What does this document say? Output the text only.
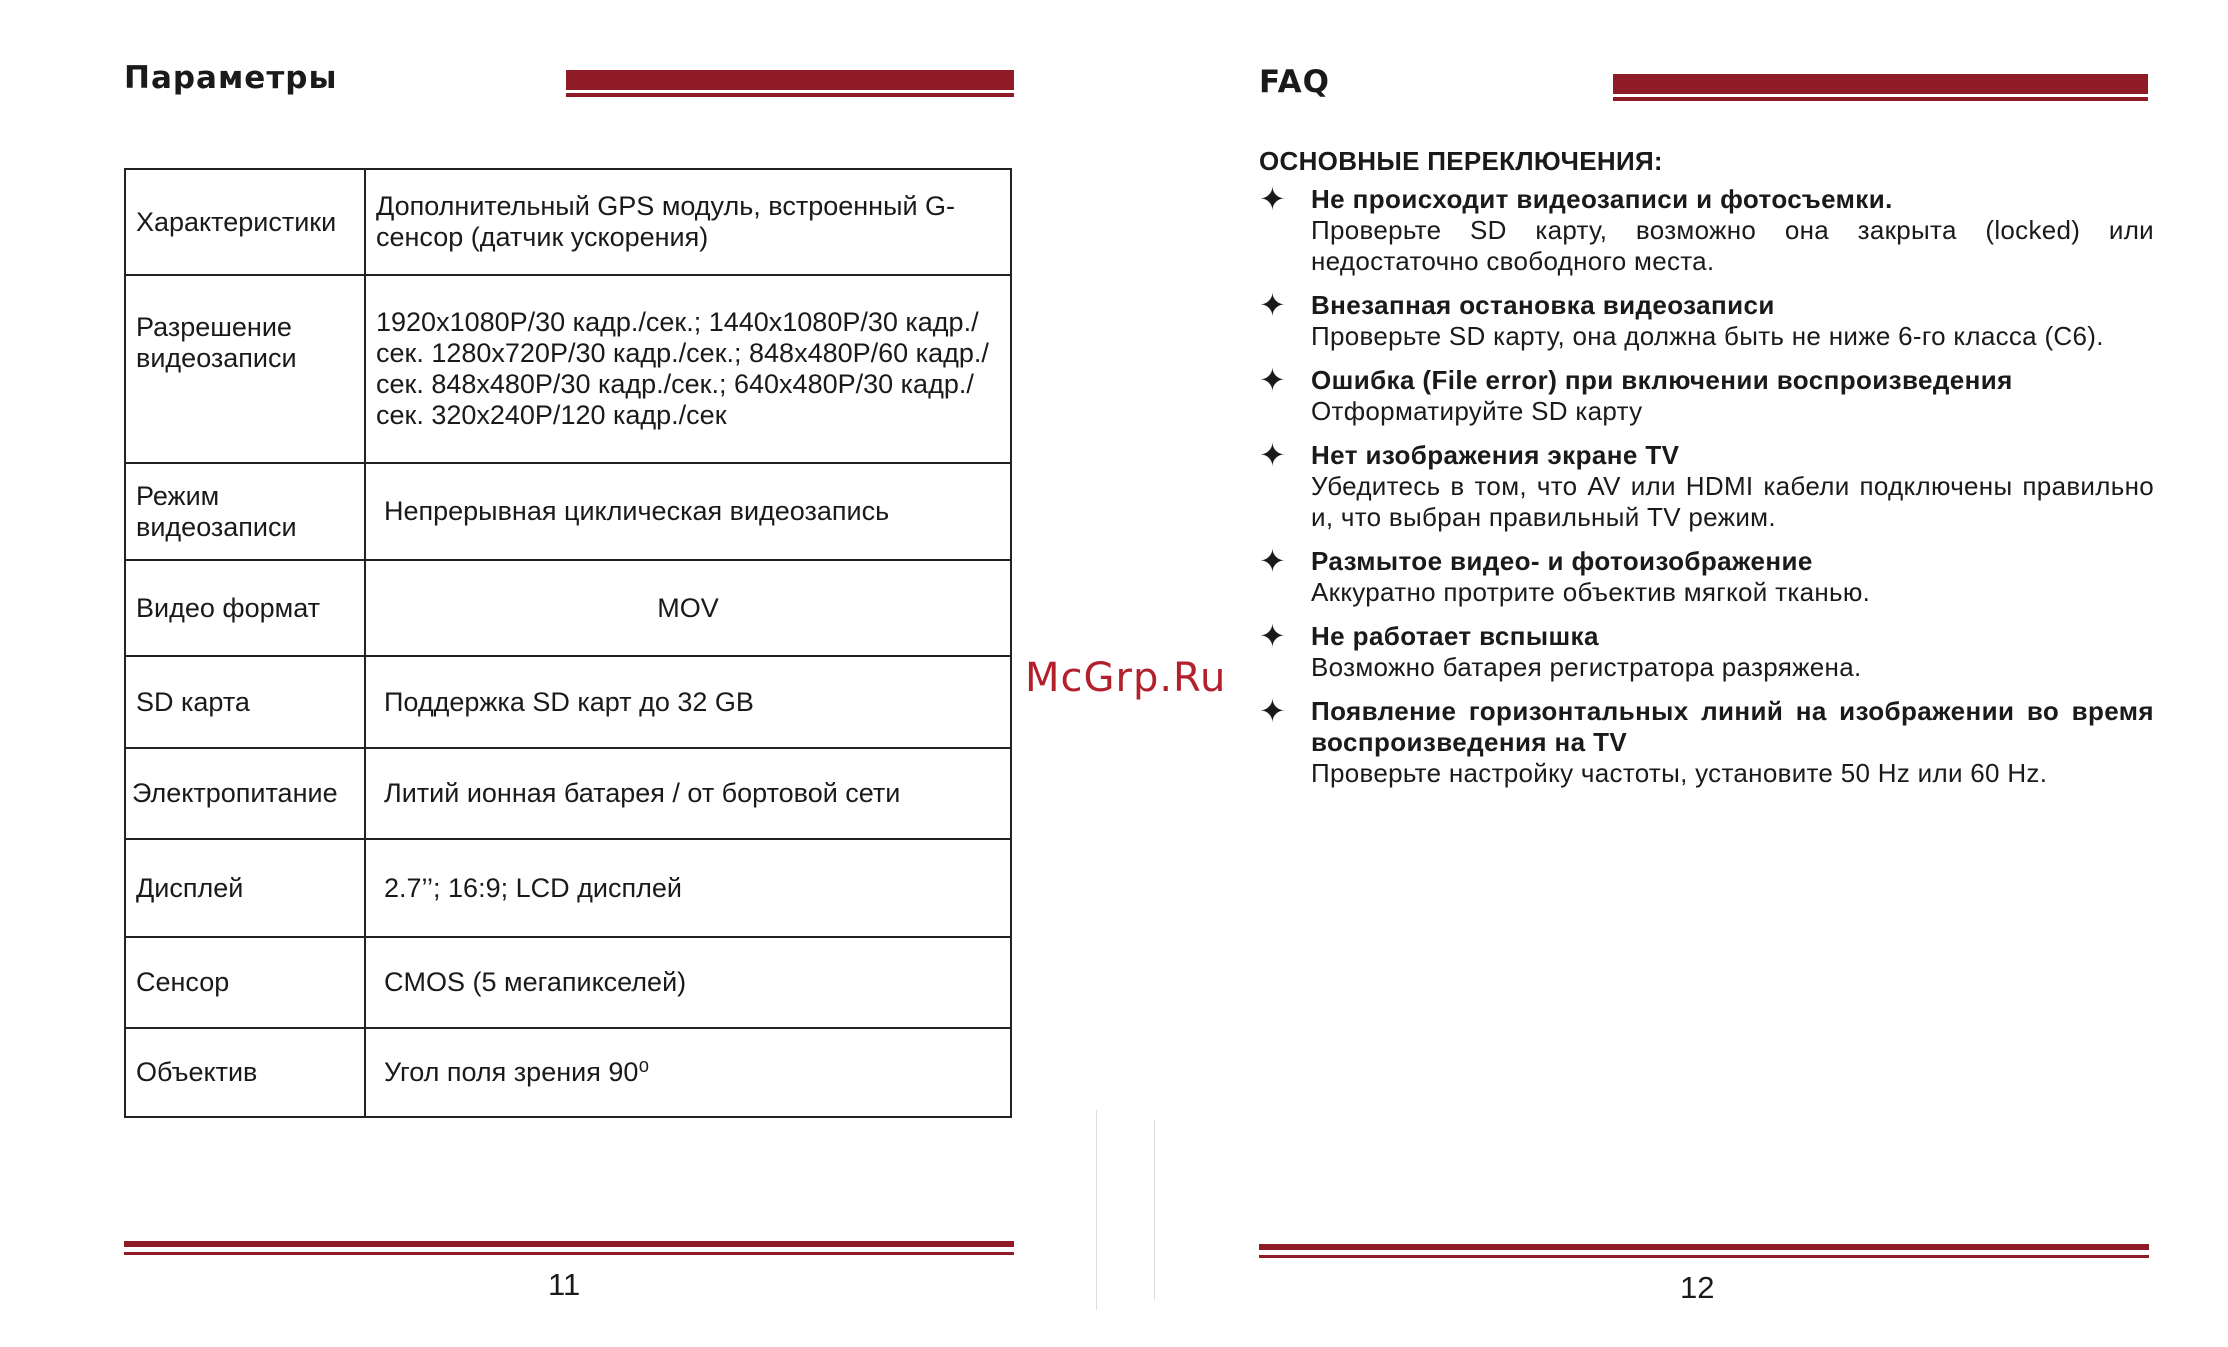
Параметры
Характеристики	Дополнительный GPS модуль, встроенный G-сенсор (датчик ускорения)
Разрешение видеозаписи	1920х1080Р/30 кадр./сек.; 1440х1080Р/30 кадр./сек. 1280х720Р/30 кадр./сек.; 848х480Р/60 кадр./сек. 848х480Р/30 кадр./сек.; 640х480Р/30 кадр./сек. 320х240Р/120 кадр./сек
Режим видеозаписи	Непрерывная циклическая видеозапись
Видео формат	MOV
SD карта	Поддержка SD карт до 32 GB
Электропитание	Литий ионная батарея / от бортовой сети
Дисплей	2.7’’; 16:9; LCD дисплей
Сенсор	CMOS (5 мегапикселей)
Объектив	Угол поля зрения 90⁰
11
FAQ
ОСНОВНЫЕ ПЕРЕКЛЮЧЕНИЯ:
✦ Не происходит видеозаписи и фотосъемки.
Проверьте SD карту, возможно она закрыта (locked) или недостаточно свободного места.
✦ Внезапная остановка видеозаписи
Проверьте SD карту, она должна быть не ниже 6-го класса (С6).
✦ Ошибка (File error) при включении воспроизведения
Отформатируйте SD карту
✦ Нет изображения экране TV
Убедитесь в том, что AV или HDMI кабели подключены правильно и, что выбран правильный TV режим.
✦ Размытое видео- и фотоизображение
Аккуратно протрите объектив мягкой тканью.
✦ Не работает вспышка
Возможно батарея регистратора разряжена.
✦ Появление горизонтальных линий на изображении во время воспроизведения на TV
Проверьте настройку частоты, установите 50 Hz или 60 Hz.
12
McGrp.Ru
